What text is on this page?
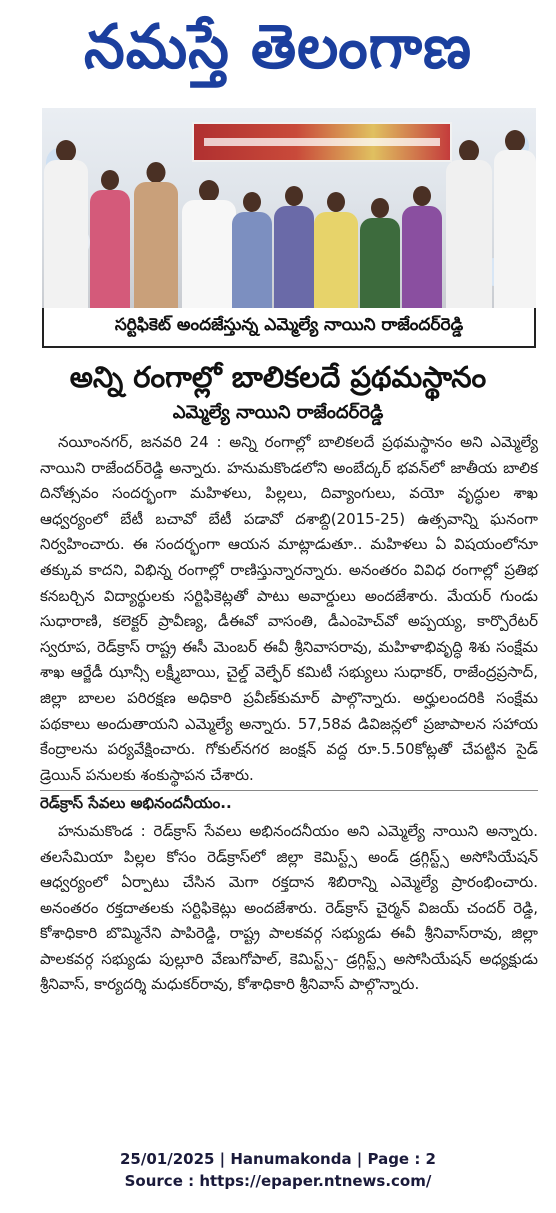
నమస్తే తెలంగాణ
సర్టిఫికెట్ అందజేస్తున్న ఎమ్మెల్యే నాయిని రాజేందర్‌రెడ్డి
అన్ని రంగాల్లో బాలికలదే ప్రథమస్థానం
ఎమ్మెల్యే నాయిని రాజేందర్‌రెడ్డి

నయీంనగర్, జనవరి 24 : అన్ని రంగాల్లో బాలికలదే ప్రథమస్థానం అని ఎమ్మెల్యే నాయిని రాజేందర్‌రెడ్డి అన్నారు. హనుమకొండలోని అంబేద్కర్ భవన్‌లో జాతీయ బాలిక దినోత్సవం సందర్భంగా మహిళలు, పిల్లలు, దివ్యాంగులు, వయో వృద్ధుల శాఖ ఆధ్వర్యంలో బేటీ బచావో బేటీ పడావో దశాబ్ది(2015-25) ఉత్సవాన్ని ఘనంగా నిర్వహించారు. ఈ సందర్భంగా ఆయన మాట్లాడుతూ.. మహిళలు ఏ విషయంలోనూ తక్కువ కాదని, విభిన్న రంగాల్లో రాణిస్తున్నారన్నారు. అనంతరం వివిధ రంగాల్లో ప్రతిభ కనబర్చిన విద్యార్థులకు సర్టిఫికెట్లతో పాటు అవార్డులు అందజేశారు. మేయర్ గుండు సుధారాణి, కలెక్టర్ ప్రావీణ్య, డీఈవో వాసంతి, డీఎంహెచ్‌వో అప్పయ్య, కార్పొరేటర్ స్వరూప, రెడ్‌క్రాస్ రాష్ట్ర ఈసీ మెంబర్ ఈవీ శ్రీనివాసరావు, మహిళాభివృద్ధి శిశు సంక్షేమ శాఖ ఆర్జేడీ ఝాన్సీ లక్ష్మీబాయి, చైల్డ్ వెల్ఫేర్ కమిటీ సభ్యులు సుధాకర్, రాజేంద్రప్రసాద్, జిల్లా బాలల పరిరక్షణ అధికారి ప్రవీణ్‌కుమార్ పాల్గొన్నారు. అర్హులందరికి సంక్షేమ పథకాలు అందుతాయని ఎమ్మెల్యే అన్నారు. 57,58వ డివిజన్లలో ప్రజాపాలన సహాయ కేంద్రాలను పర్యవేక్షించారు. గోకుల్‌నగర జంక్షన్ వద్ద రూ.5.50కోట్లతో చేపట్టిన సైడ్ డ్రెయిన్ పనులకు శంకుస్థాపన చేశారు.

రెడ్‌క్రాస్ సేవలు అభినందనీయం..

హనుమకొండ : రెడ్‌క్రాస్ సేవలు అభినందనీయం అని ఎమ్మెల్యే నాయిని అన్నారు. తలసేమియా పిల్లల కోసం రెడ్‌క్రాస్‌లో జిల్లా కెమిస్ట్స్ అండ్ డ్రగ్గిస్ట్స్ అసోసియేషన్ ఆధ్వర్యంలో ఏర్పాటు చేసిన మెగా రక్తదాన శిబిరాన్ని ఎమ్మెల్యే ప్రారంభించారు. అనంతరం రక్తదాతలకు సర్టిఫికెట్లు అందజేశారు. రెడ్‌క్రాస్ చైర్మన్ విజయ్ చందర్ రెడ్డి, కోశాధికారి బొమ్మినేని పాపిరెడ్డి, రాష్ట్ర పాలకవర్గ సభ్యుడు ఈవీ శ్రీనివాస్‌రావు, జిల్లా పాలకవర్గ సభ్యుడు పుల్లూరి వేణుగోపాల్, కెమిస్ట్స్- డ్రగ్గిస్ట్స్ అసోసియేషన్ అధ్యక్షుడు శ్రీనివాస్, కార్యదర్శి మధుకర్‌రావు, కోశాధికారి శ్రీనివాస్ పాల్గొన్నారు.

25/01/2025 | Hanumakonda | Page : 2
Source : https://epaper.ntnews.com/
